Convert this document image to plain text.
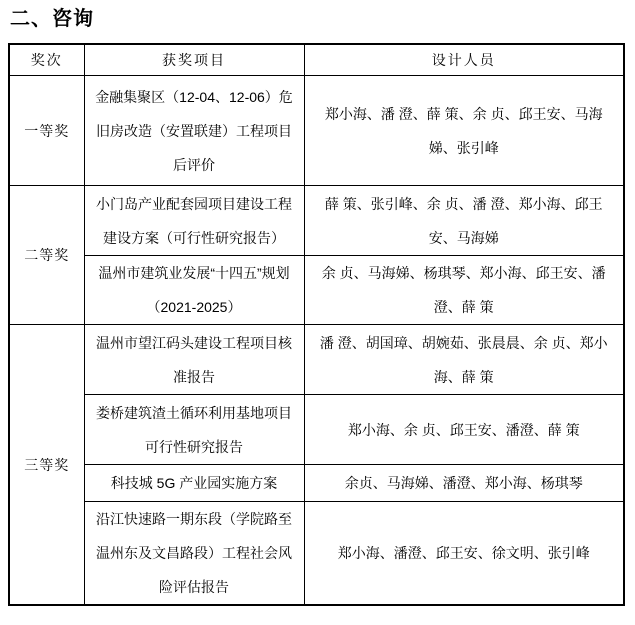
二、咨询
奖次	获奖项目	设计人员
一等奖	金融集聚区（12-04、12-06）危旧房改造（安置联建）工程项目后评价	郑小海、潘 澄、薛 策、余 贞、邱王安、马海娣、张引峰
二等奖	小门岛产业配套园项目建设工程建设方案（可行性研究报告）	薛 策、张引峰、余 贞、潘 澄、郑小海、邱王安、马海娣
	温州市建筑业发展“十四五”规划（2021-2025）	余 贞、马海娣、杨琪琴、郑小海、邱王安、潘 澄、薛 策
三等奖	温州市望江码头建设工程项目核准报告	潘 澄、胡国璋、胡婉茹、张晨晨、余 贞、郑小海、薛 策
	娄桥建筑渣土循环利用基地项目可行性研究报告	郑小海、余 贞、邱王安、潘澄、薛 策
	科技城 5G 产业园实施方案	余贞、马海娣、潘澄、郑小海、杨琪琴
	沿江快速路一期东段（学院路至温州东及文昌路段）工程社会风险评估报告	郑小海、潘澄、邱王安、徐文明、张引峰
